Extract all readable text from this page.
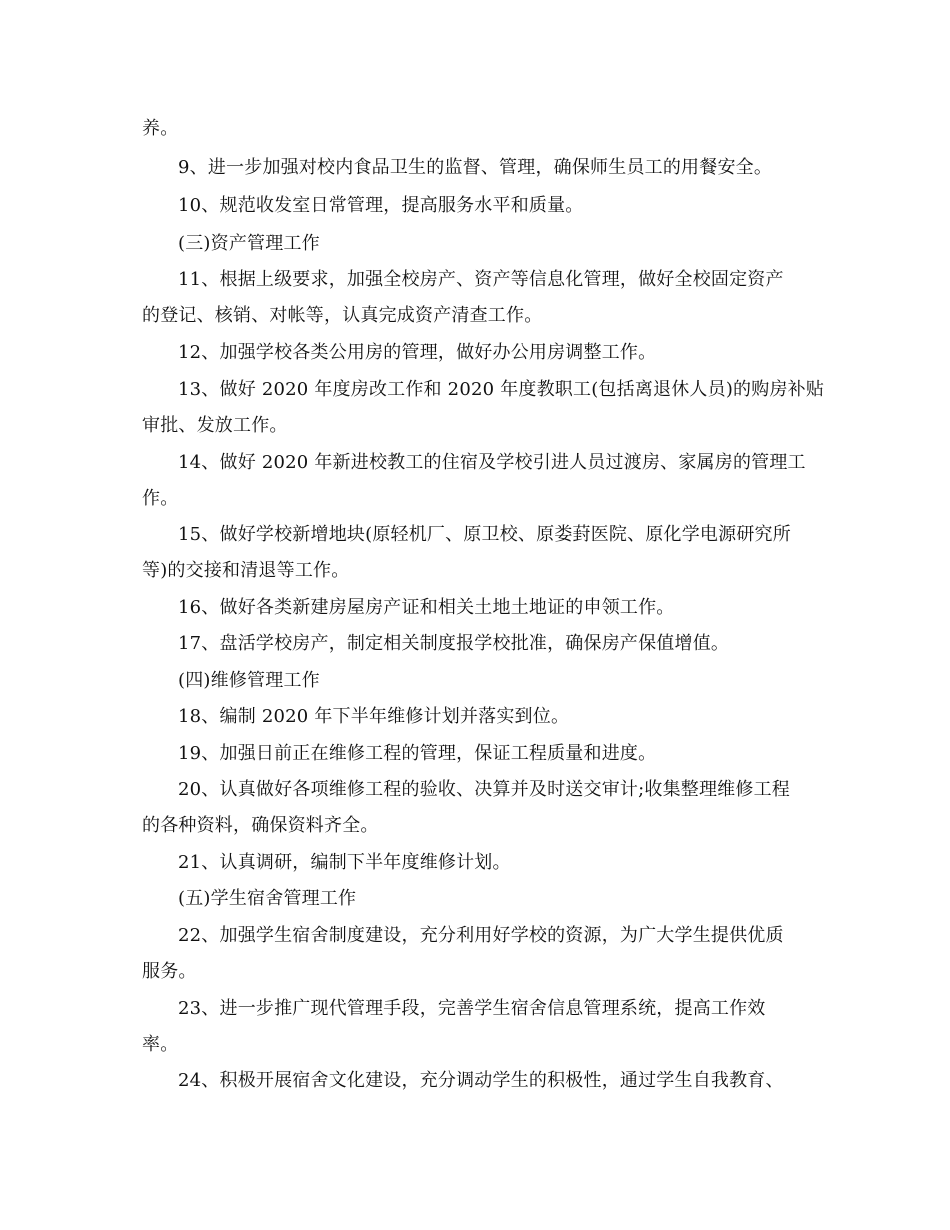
养。
9、进一步加强对校内食品卫生的监督、管理，确保师生员工的用餐安全。
10、规范收发室日常管理，提高服务水平和质量。
(三)资产管理工作
11、根据上级要求，加强全校房产、资产等信息化管理，做好全校固定资产
的登记、核销、对帐等，认真完成资产清查工作。
12、加强学校各类公用房的管理，做好办公用房调整工作。
13、做好 2020 年度房改工作和 2020 年度教职工(包括离退休人员)的购房补贴
审批、发放工作。
14、做好 2020 年新进校教工的住宿及学校引进人员过渡房、家属房的管理工
作。
15、做好学校新增地块(原轻机厂、原卫校、原娄葑医院、原化学电源研究所
等)的交接和清退等工作。
16、做好各类新建房屋房产证和相关土地土地证的申领工作。
17、盘活学校房产，制定相关制度报学校批准，确保房产保值增值。
(四)维修管理工作
18、编制 2020 年下半年维修计划并落实到位。
19、加强日前正在维修工程的管理，保证工程质量和进度。
20、认真做好各项维修工程的验收、决算并及时送交审计;收集整理维修工程
的各种资料，确保资料齐全。
21、认真调研，编制下半年度维修计划。
(五)学生宿舍管理工作
22、加强学生宿舍制度建设，充分利用好学校的资源，为广大学生提供优质
服务。
23、进一步推广现代管理手段，完善学生宿舍信息管理系统，提高工作效
率。
24、积极开展宿舍文化建设，充分调动学生的积极性，通过学生自我教育、
